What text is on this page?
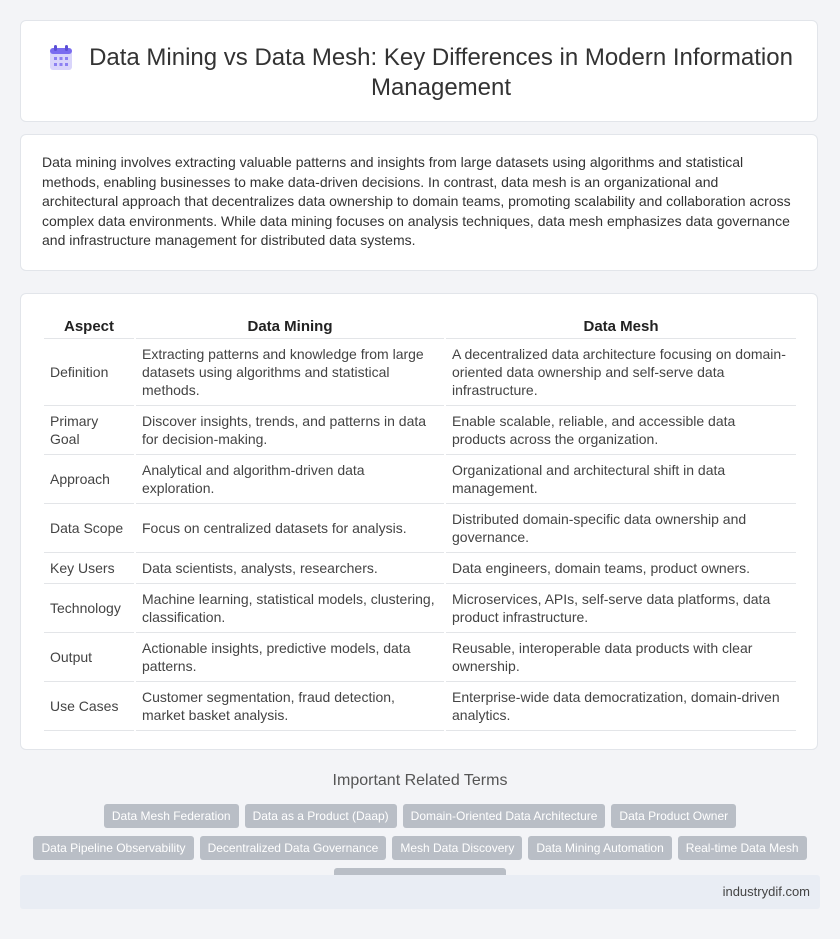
Data Mining vs Data Mesh: Key Differences in Modern Information Management

Data mining involves extracting valuable patterns and insights from large datasets using algorithms and statistical methods, enabling businesses to make data-driven decisions. In contrast, data mesh is an organizational and architectural approach that decentralizes data ownership to domain teams, promoting scalability and collaboration across complex data environments. While data mining focuses on analysis techniques, data mesh emphasizes data governance and infrastructure management for distributed data systems.

Aspect	Data Mining	Data Mesh
Definition	Extracting patterns and knowledge from large datasets using algorithms and statistical methods.	A decentralized data architecture focusing on domain-oriented data ownership and self-serve data infrastructure.
Primary Goal	Discover insights, trends, and patterns in data for decision-making.	Enable scalable, reliable, and accessible data products across the organization.
Approach	Analytical and algorithm-driven data exploration.	Organizational and architectural shift in data management.
Data Scope	Focus on centralized datasets for analysis.	Distributed domain-specific data ownership and governance.
Key Users	Data scientists, analysts, researchers.	Data engineers, domain teams, product owners.
Technology	Machine learning, statistical models, clustering, classification.	Microservices, APIs, self-serve data platforms, data product infrastructure.
Output	Actionable insights, predictive models, data patterns.	Reusable, interoperable data products with clear ownership.
Use Cases	Customer segmentation, fraud detection, market basket analysis.	Enterprise-wide data democratization, domain-driven analytics.
Important Related Terms
Data Mesh Federation	Data as a Product (Daap)	Domain-Oriented Data Architecture	Data Product Owner
Data Pipeline Observability	Decentralized Data Governance	Mesh Data Discovery	Data Mining Automation	Real-time Data Mesh
industrydif.com
